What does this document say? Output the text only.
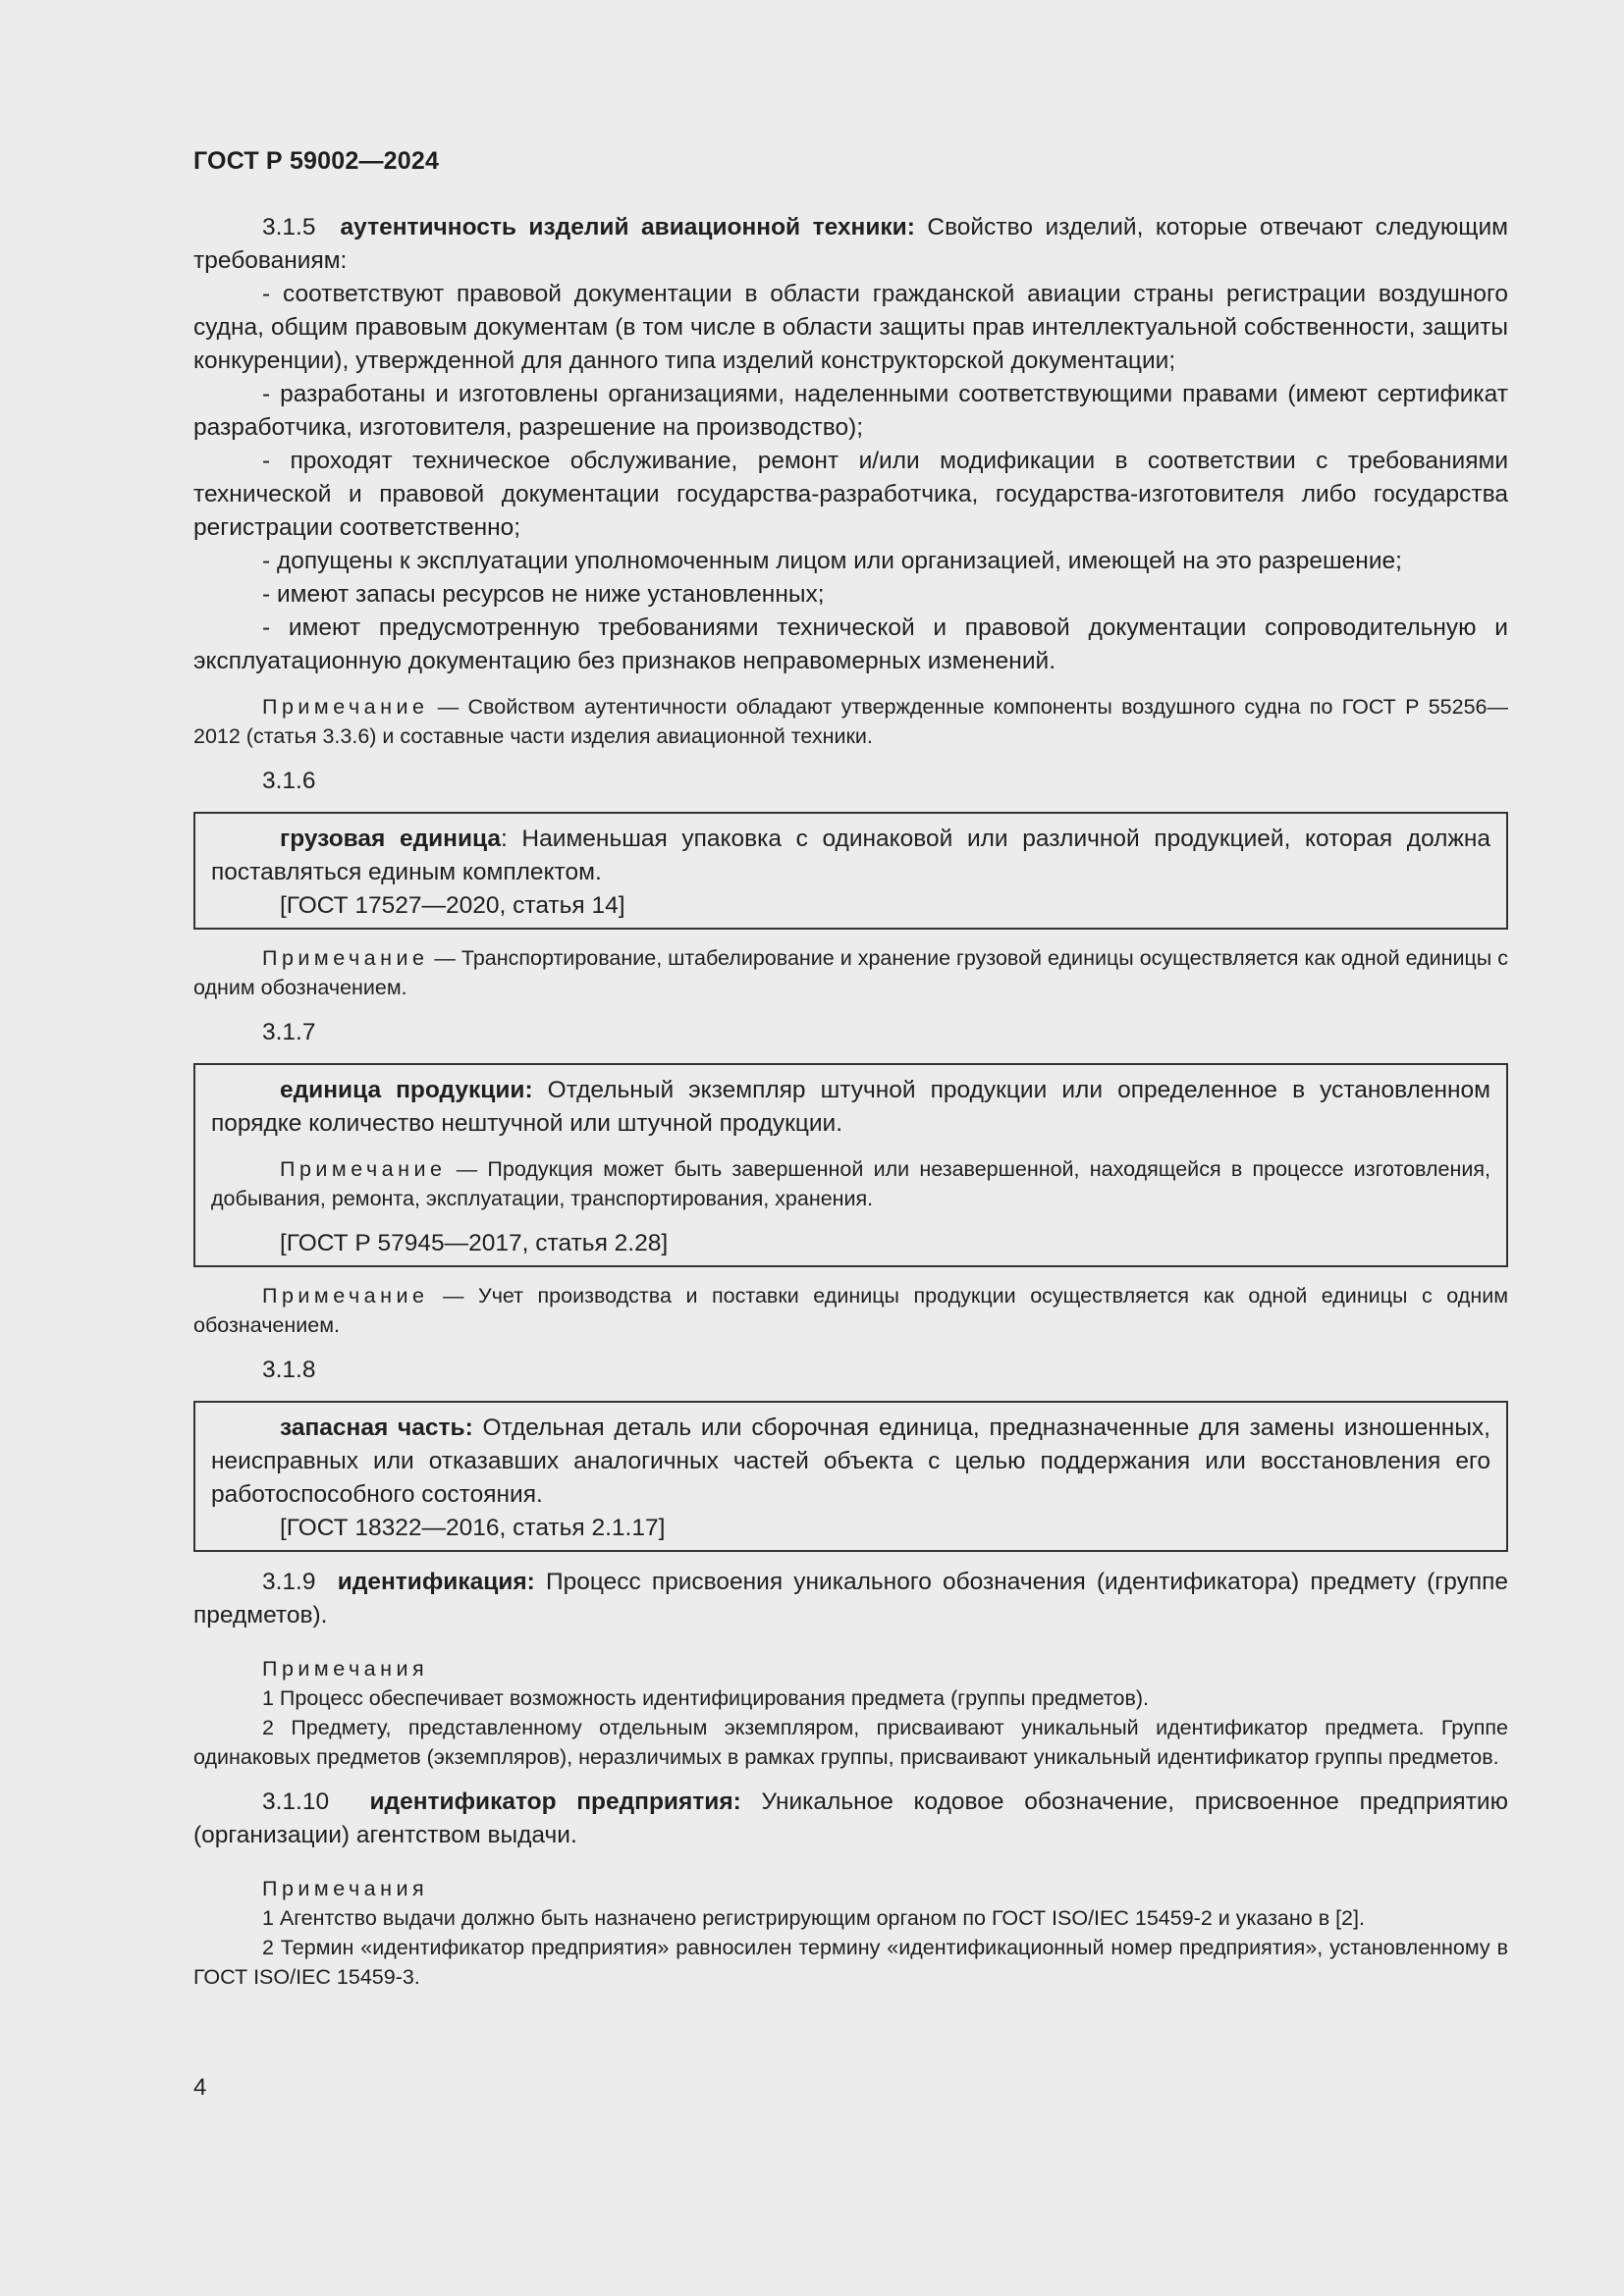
ГОСТ Р 59002—2024

3.1.5 аутентичность изделий авиационной техники: Свойство изделий, которые отвечают следующим требованиям:

- соответствуют правовой документации в области гражданской авиации страны регистрации воздушного судна, общим правовым документам (в том числе в области защиты прав интеллектуальной собственности, защиты конкуренции), утвержденной для данного типа изделий конструкторской документации;

- разработаны и изготовлены организациями, наделенными соответствующими правами (имеют сертификат разработчика, изготовителя, разрешение на производство);

- проходят техническое обслуживание, ремонт и/или модификации в соответствии с требованиями технической и правовой документации государства-разработчика, государства-изготовителя либо государства регистрации соответственно;

- допущены к эксплуатации уполномоченным лицом или организацией, имеющей на это разрешение;

- имеют запасы ресурсов не ниже установленных;

- имеют предусмотренную требованиями технической и правовой документации сопроводительную и эксплуатационную документацию без признаков неправомерных изменений.

Примечание — Свойством аутентичности обладают утвержденные компоненты воздушного судна по ГОСТ Р 55256—2012 (статья 3.3.6) и составные части изделия авиационной техники.

3.1.6

грузовая единица: Наименьшая упаковка с одинаковой или различной продукцией, которая должна поставляться единым комплектом.

[ГОСТ 17527—2020, статья 14]

Примечание — Транспортирование, штабелирование и хранение грузовой единицы осуществляется как одной единицы с одним обозначением.

3.1.7

единица продукции: Отдельный экземпляр штучной продукции или определенное в установленном порядке количество нештучной или штучной продукции.

Примечание — Продукция может быть завершенной или незавершенной, находящейся в процессе изготовления, добывания, ремонта, эксплуатации, транспортирования, хранения.

[ГОСТ Р 57945—2017, статья 2.28]

Примечание — Учет производства и поставки единицы продукции осуществляется как одной единицы с одним обозначением.

3.1.8

запасная часть: Отдельная деталь или сборочная единица, предназначенные для замены изношенных, неисправных или отказавших аналогичных частей объекта с целью поддержания или восстановления его работоспособного состояния.

[ГОСТ 18322—2016, статья 2.1.17]

3.1.9 идентификация: Процесс присвоения уникального обозначения (идентификатора) предмету (группе предметов).

Примечания

1 Процесс обеспечивает возможность идентифицирования предмета (группы предметов).

2 Предмету, представленному отдельным экземпляром, присваивают уникальный идентификатор предмета. Группе одинаковых предметов (экземпляров), неразличимых в рамках группы, присваивают уникальный идентификатор группы предметов.

3.1.10 идентификатор предприятия: Уникальное кодовое обозначение, присвоенное предприятию (организации) агентством выдачи.

Примечания

1 Агентство выдачи должно быть назначено регистрирующим органом по ГОСТ ISO/IEC 15459-2 и указано в [2].

2 Термин «идентификатор предприятия» равносилен термину «идентификационный номер предприятия», установленному в ГОСТ ISO/IEC 15459-3.

4
